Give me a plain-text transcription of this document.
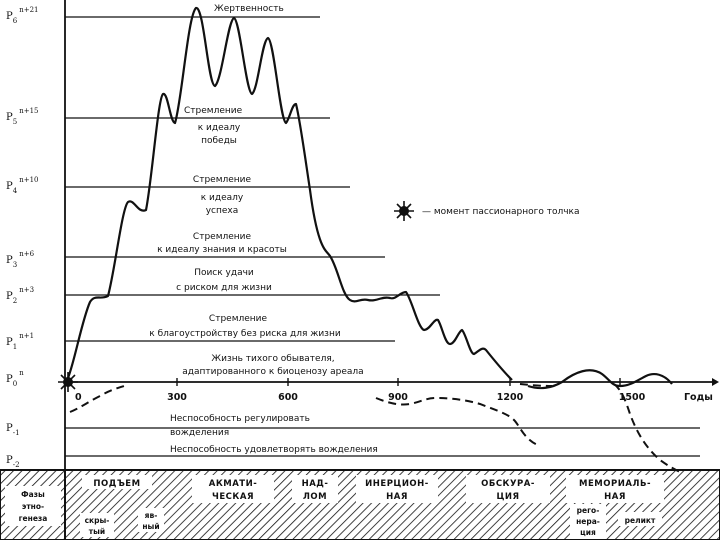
— момент пассионарного толчка
$P_6^{n+21}$
$P_5^{n+15}$
$P_4^{n+10}$
$P_3^{n+6}$
$P_2^{n+3}$
$P_1^{n+1}$
$P_0^n$
$P_{-1}$
$P_{-2}$
Жертвенность
Стремление
к идеалу
победы
Стремление
к идеалу
успеха
Стремление
к идеалу знания и красоты
Поиск удачи
с риском для жизни
Стремление
к благоустройству без риска для жизни
Жизнь тихого обывателя,
адаптированного к биоценозу ареала
Неспособность регулировать
вожделения
Неспособность удовлетворять вожделения
0	300	600	900	1200	1500	Годы
Фазы
этно-
генеза
ПОДЪЕМ
скры-
тый
яв-
ный
АКМАТИ-
ЧЕСКАЯ
НАД-
ЛОМ
ИНЕРЦИОН-
НАЯ
ОБСКУРА-
ЦИЯ
МЕМОРИАЛЬ-
НАЯ
рего-
нера-
ция
реликт
